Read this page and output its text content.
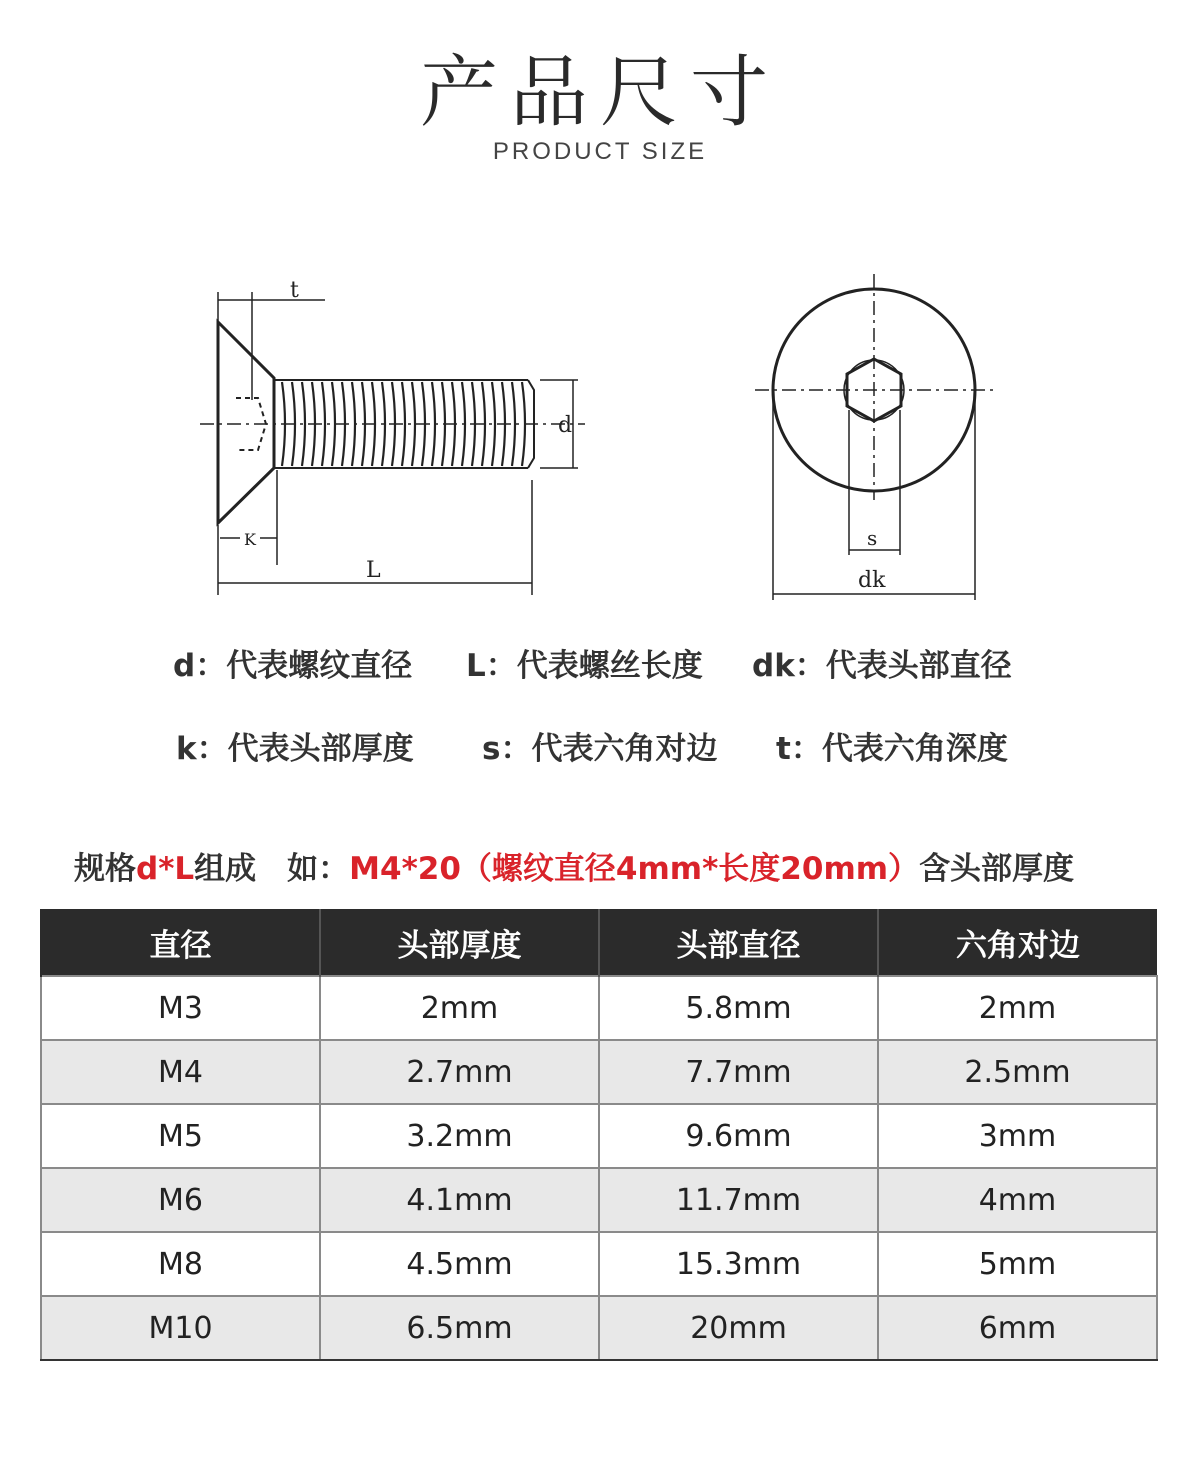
产品尺寸
PRODUCT SIZE
t
d
K
L
s
dk
d：代表螺纹直径 L：代表螺丝长度 dk：代表头部直径
k：代表头部厚度 s：代表六角对边 t：代表六角深度
规格d*L组成　如：M4*20（螺纹直径4mm*长度20mm）含头部厚度
直径	头部厚度	头部直径	六角对边
M3	2mm	5.8mm	2mm
M4	2.7mm	7.7mm	2.5mm
M5	3.2mm	9.6mm	3mm
M6	4.1mm	11.7mm	4mm
M8	4.5mm	15.3mm	5mm
M10	6.5mm	20mm	6mm
